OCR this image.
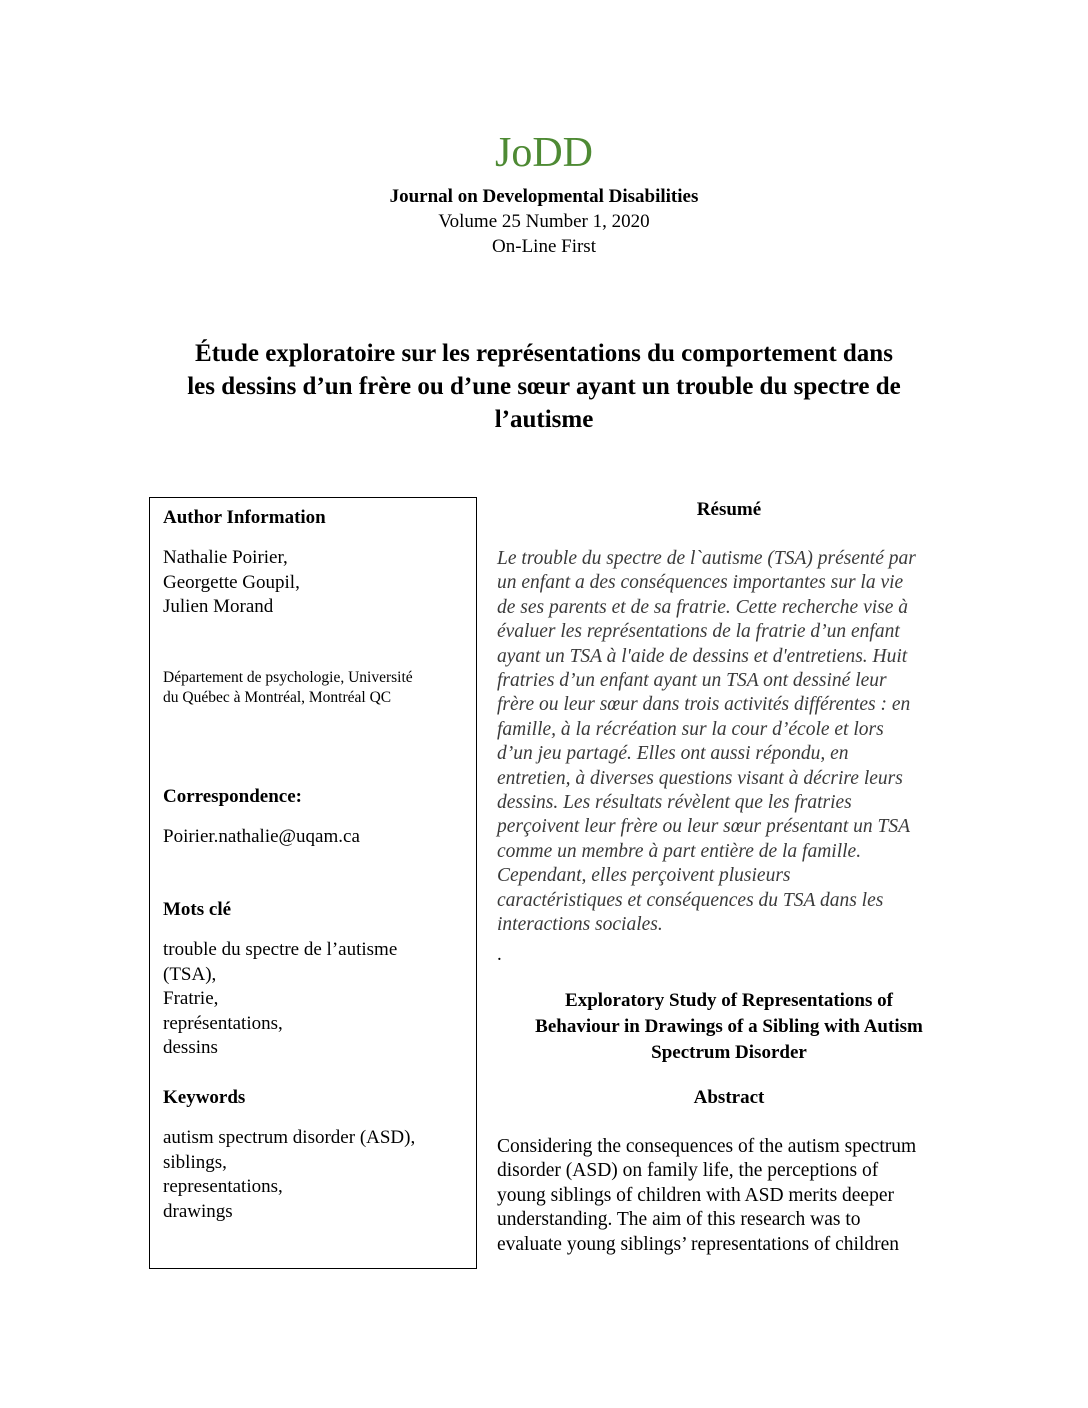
JoDD
Journal on Developmental Disabilities
Volume 25 Number 1, 2020
On-Line First
Étude exploratoire sur les représentations du comportement dans
les dessins d’un frère ou d’une sœur ayant un trouble du spectre de
l’autisme
Author Information
Nathalie Poirier,
Georgette Goupil,
Julien Morand
Département de psychologie, Université
du Québec à Montréal, Montréal QC
Correspondence:
Poirier.nathalie@uqam.ca
Mots clé
trouble du spectre de l’autisme
(TSA),
Fratrie,
représentations,
dessins
Keywords
autism spectrum disorder (ASD),
siblings,
representations,
drawings
Résumé

Le trouble du spectre de l`autisme (TSA) présenté par
un enfant a des conséquences importantes sur la vie
de ses parents et de sa fratrie. Cette recherche vise à
évaluer les représentations de la fratrie d’un enfant
ayant un TSA à l'aide de dessins et d'entretiens. Huit
fratries d’un enfant ayant un TSA ont dessiné leur
frère ou leur sœur dans trois activités différentes : en
famille, à la récréation sur la cour d’école et lors
d’un jeu partagé. Elles ont aussi répondu, en
entretien, à diverses questions visant à décrire leurs
dessins. Les résultats révèlent que les fratries
perçoivent leur frère ou leur sœur présentant un TSA
comme un membre à part entière de la famille.
Cependant, elles perçoivent plusieurs
caractéristiques et conséquences du TSA dans les
interactions sociales.

.
Exploratory Study of Representations of
Behaviour in Drawings of a Sibling with Autism
Spectrum Disorder
Abstract

Considering the consequences of the autism spectrum
disorder (ASD) on family life, the perceptions of
young siblings of children with ASD merits deeper
understanding. The aim of this research was to
evaluate young siblings’ representations of children
